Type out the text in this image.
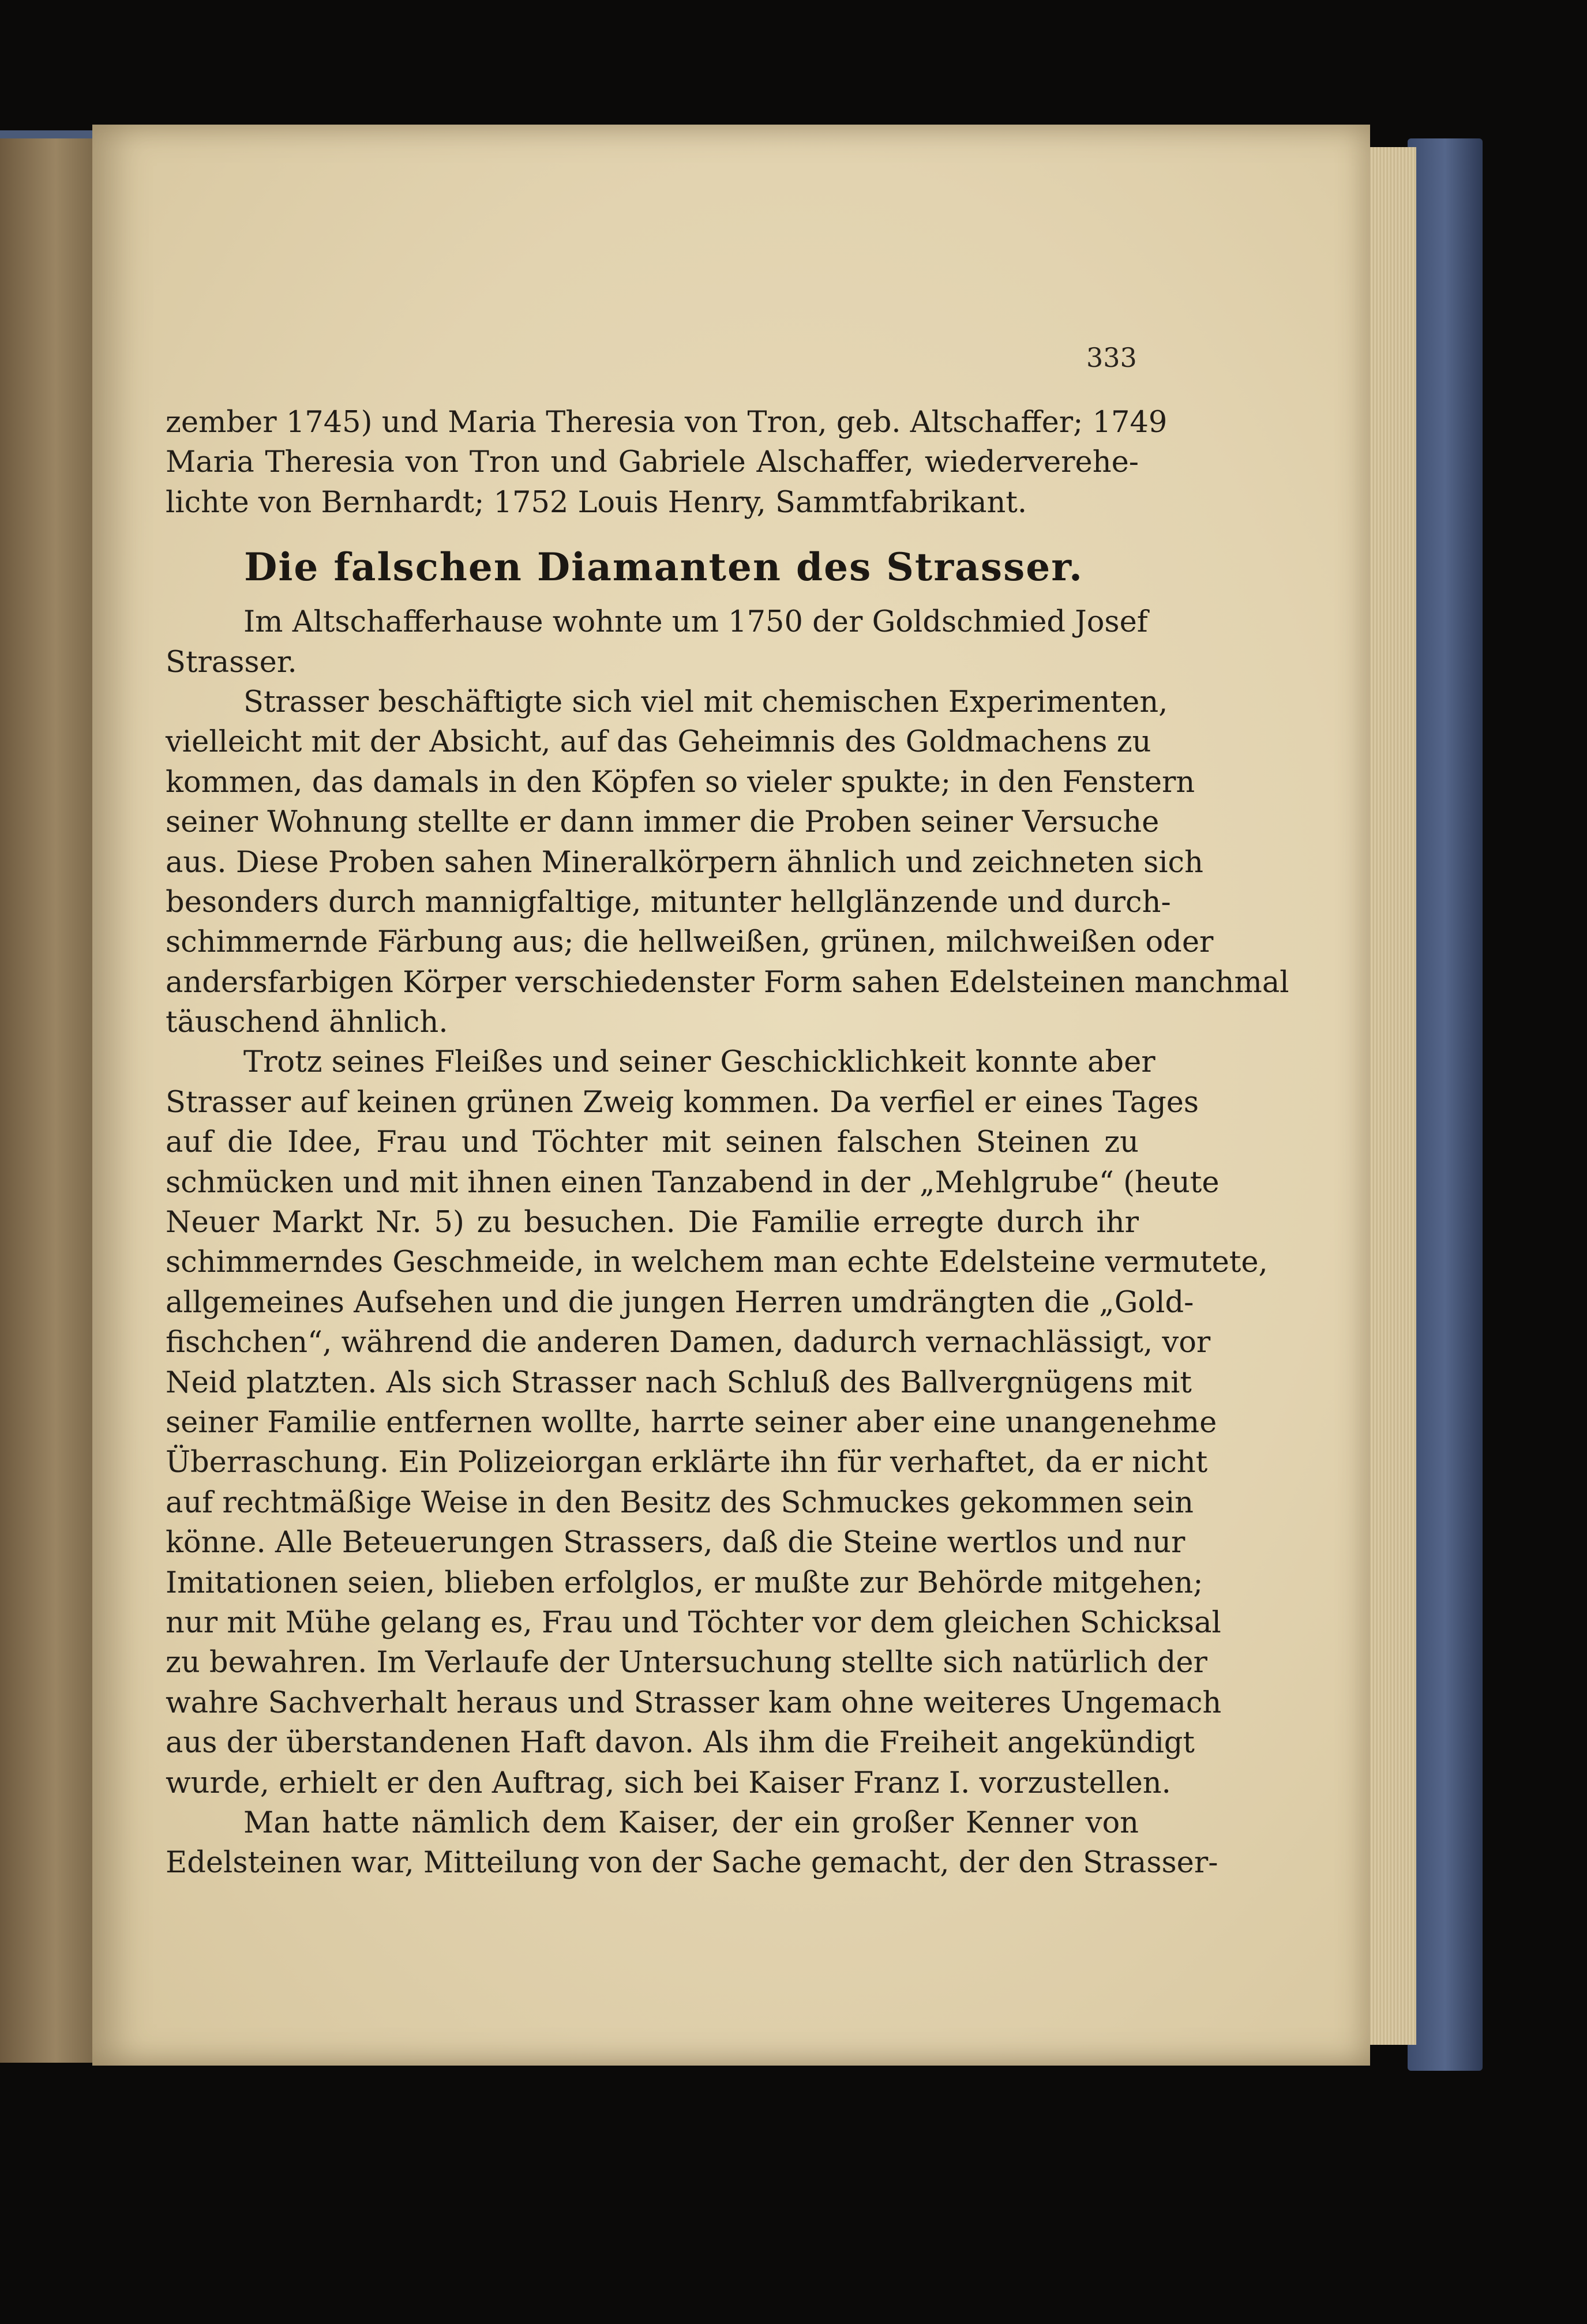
333
zember 1745) und Maria Theresia von Tron, geb. Altschaffer; 1749
Maria Theresia von Tron und Gabriele Alschaffer, wiederverehe-
lichte von Bernhardt; 1752 Louis Henry, Sammtfabrikant.
Die falschen Diamanten des Strasser.
Im Altschafferhause wohnte um 1750 der Goldschmied Josef
Strasser.
Strasser beschäftigte sich viel mit chemischen Experimenten,
vielleicht mit der Absicht, auf das Geheimnis des Goldmachens zu
kommen, das damals in den Köpfen so vieler spukte; in den Fenstern
seiner Wohnung stellte er dann immer die Proben seiner Versuche
aus. Diese Proben sahen Mineralkörpern ähnlich und zeichneten sich
besonders durch mannigfaltige, mitunter hellglänzende und durch-
schimmernde Färbung aus; die hellweißen, grünen, milchweißen oder
andersfarbigen Körper verschiedenster Form sahen Edelsteinen manchmal
täuschend ähnlich.
Trotz seines Fleißes und seiner Geschicklichkeit konnte aber
Strasser auf keinen grünen Zweig kommen. Da verfiel er eines Tages
auf die Idee, Frau und Töchter mit seinen falschen Steinen zu
schmücken und mit ihnen einen Tanzabend in der „Mehlgrube“ (heute
Neuer Markt Nr. 5) zu besuchen. Die Familie erregte durch ihr
schimmerndes Geschmeide, in welchem man echte Edelsteine vermutete,
allgemeines Aufsehen und die jungen Herren umdrängten die „Gold-
fischchen“, während die anderen Damen, dadurch vernachlässigt, vor
Neid platzten. Als sich Strasser nach Schluß des Ballvergnügens mit
seiner Familie entfernen wollte, harrte seiner aber eine unangenehme
Überraschung. Ein Polizeiorgan erklärte ihn für verhaftet, da er nicht
auf rechtmäßige Weise in den Besitz des Schmuckes gekommen sein
könne. Alle Beteuerungen Strassers, daß die Steine wertlos und nur
Imitationen seien, blieben erfolglos, er mußte zur Behörde mitgehen;
nur mit Mühe gelang es, Frau und Töchter vor dem gleichen Schicksal
zu bewahren. Im Verlaufe der Untersuchung stellte sich natürlich der
wahre Sachverhalt heraus und Strasser kam ohne weiteres Ungemach
aus der überstandenen Haft davon. Als ihm die Freiheit angekündigt
wurde, erhielt er den Auftrag, sich bei Kaiser Franz I. vorzustellen.
Man hatte nämlich dem Kaiser, der ein großer Kenner von
Edelsteinen war, Mitteilung von der Sache gemacht, der den Strasser-
